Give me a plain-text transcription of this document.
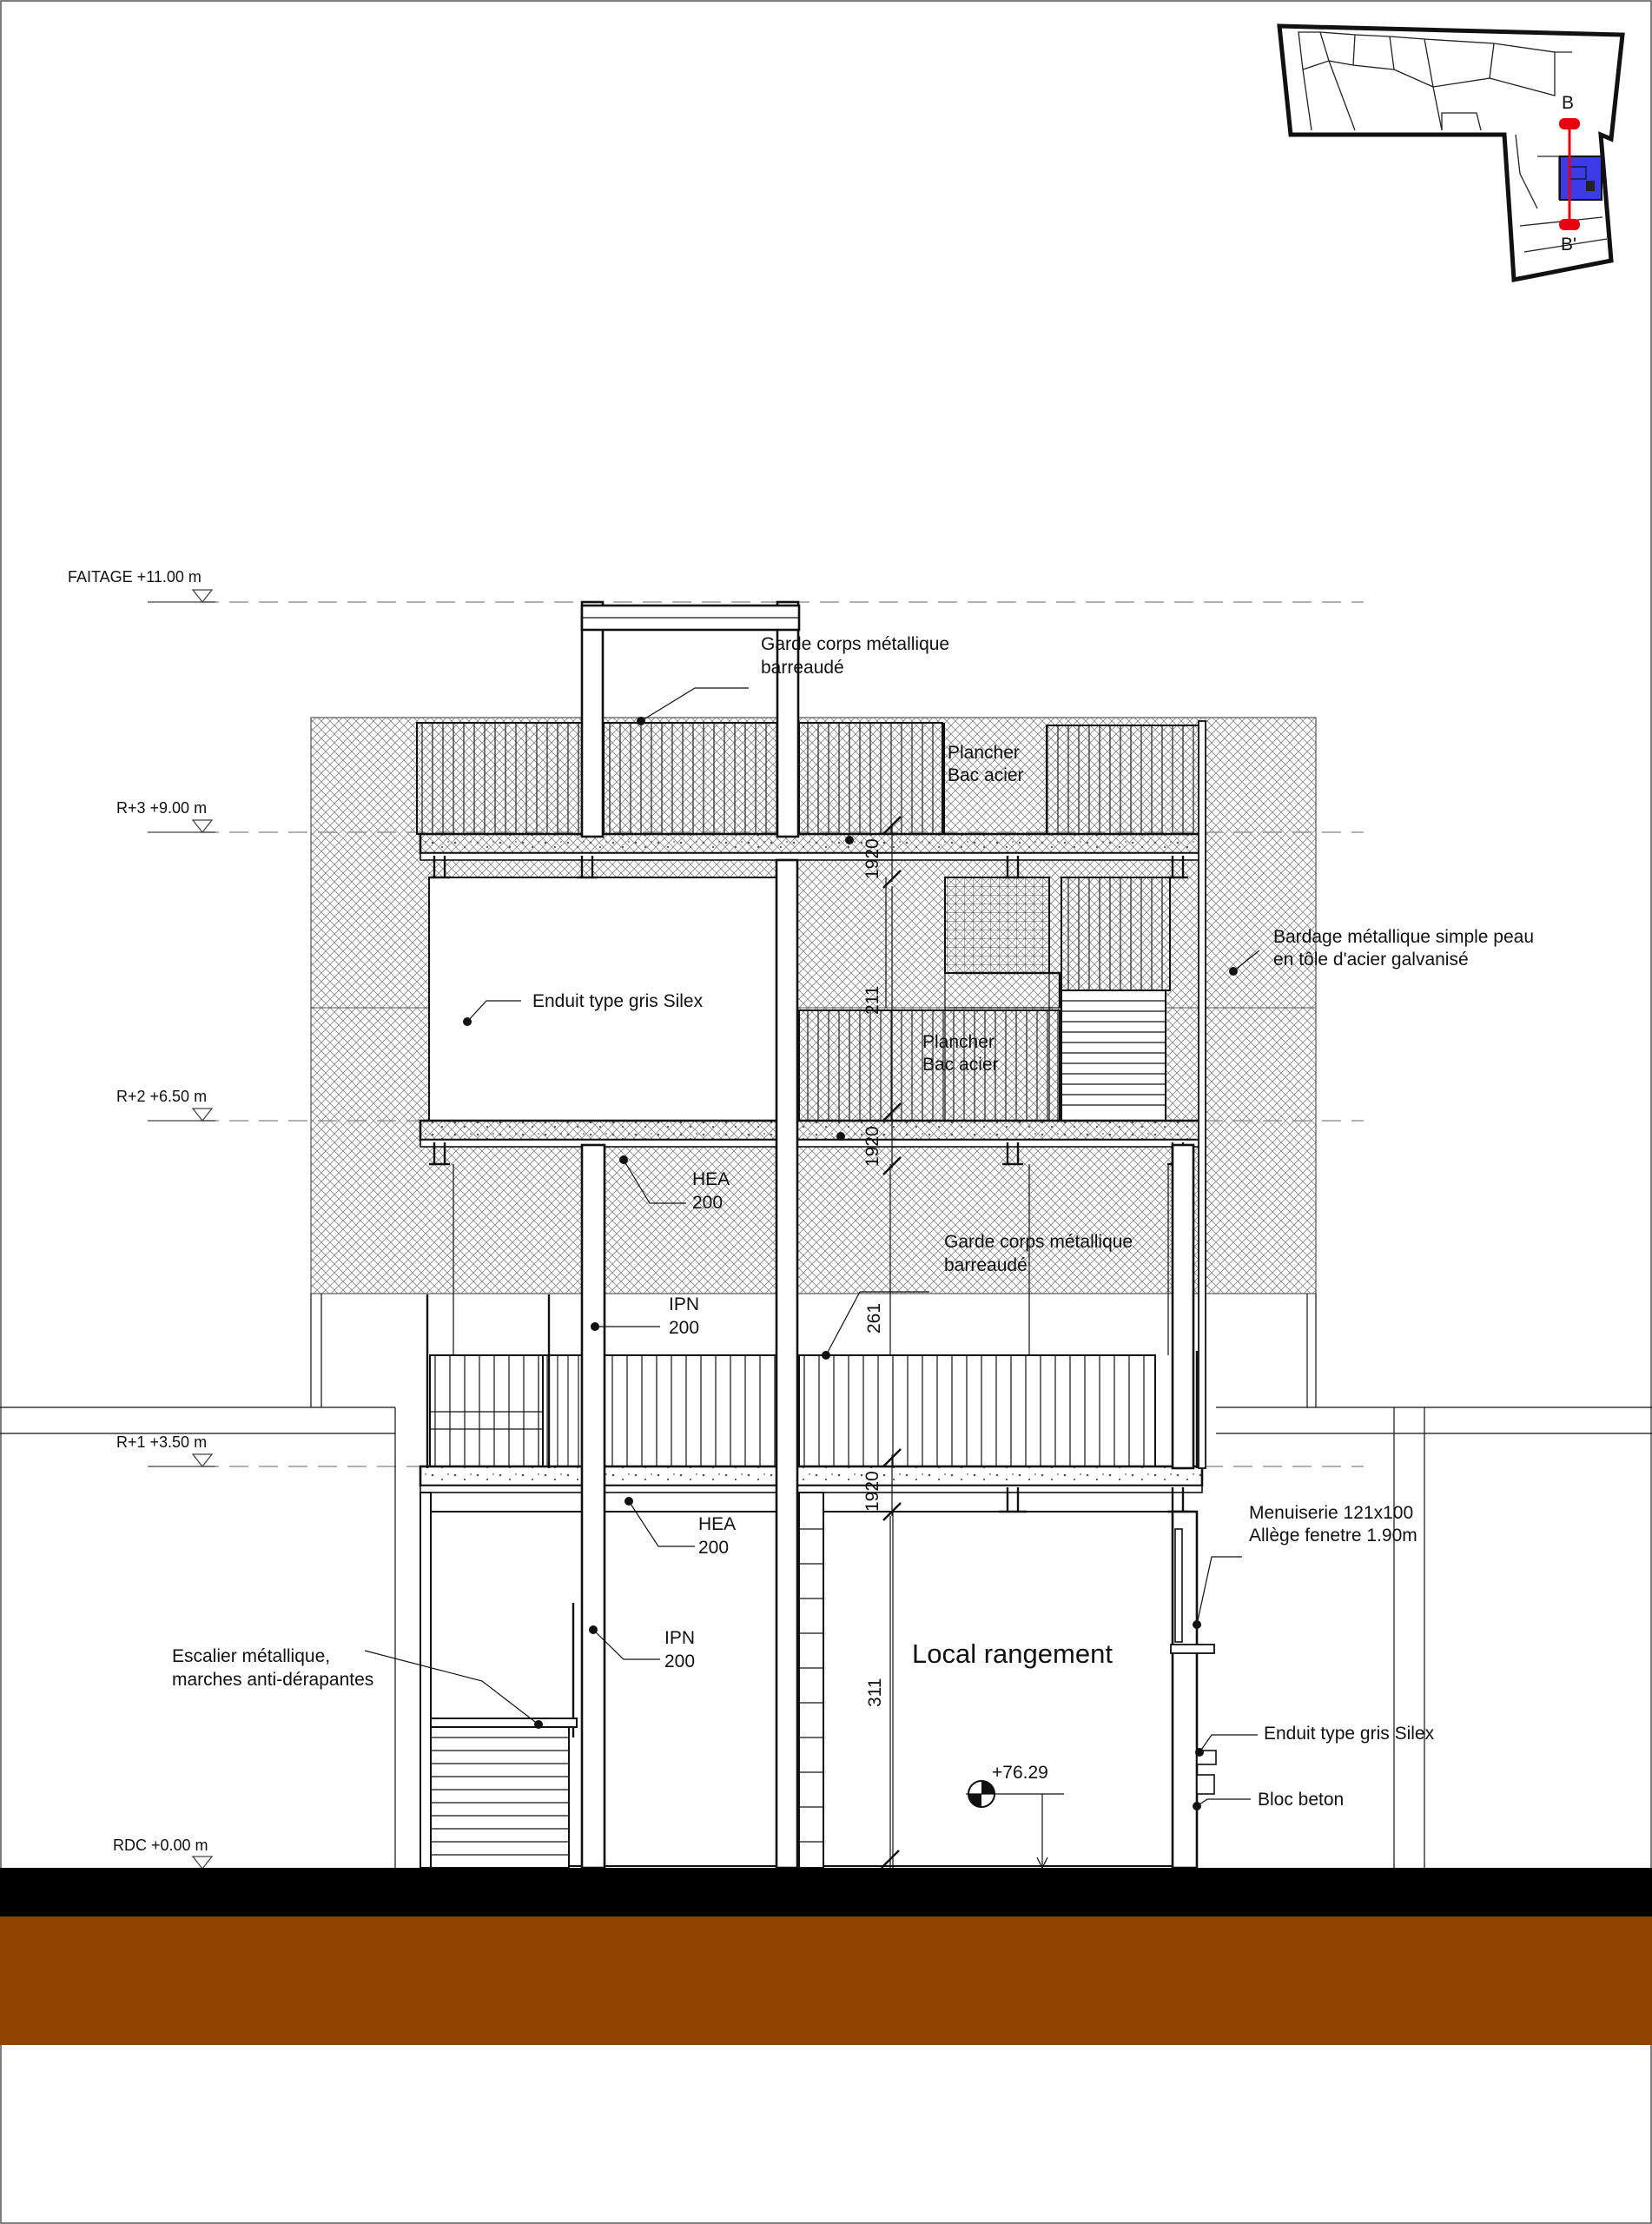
B
B'
FAITAGE +11.00 m
R+3 +9.00 m
R+2 +6.50 m
R+1 +3.50 m
RDC +0.00 m
Garde corps métallique
barreaudé
Plancher
Bac acier
Bardage métallique simple peau
en tôle d'acier galvanisé
Enduit type gris Silex
Plancher
Bac acier
HEA
200
Garde corps métallique
barreaudé
IPN
200
Menuiserie 121x100
Allège fenetre 1.90m
HEA
200
IPN
200
Escalier métallique,
marches anti-dérapantes
Local rangement
Enduit type gris Silex
Bloc beton
+76.29
1920
211
1920
261
1920
311
